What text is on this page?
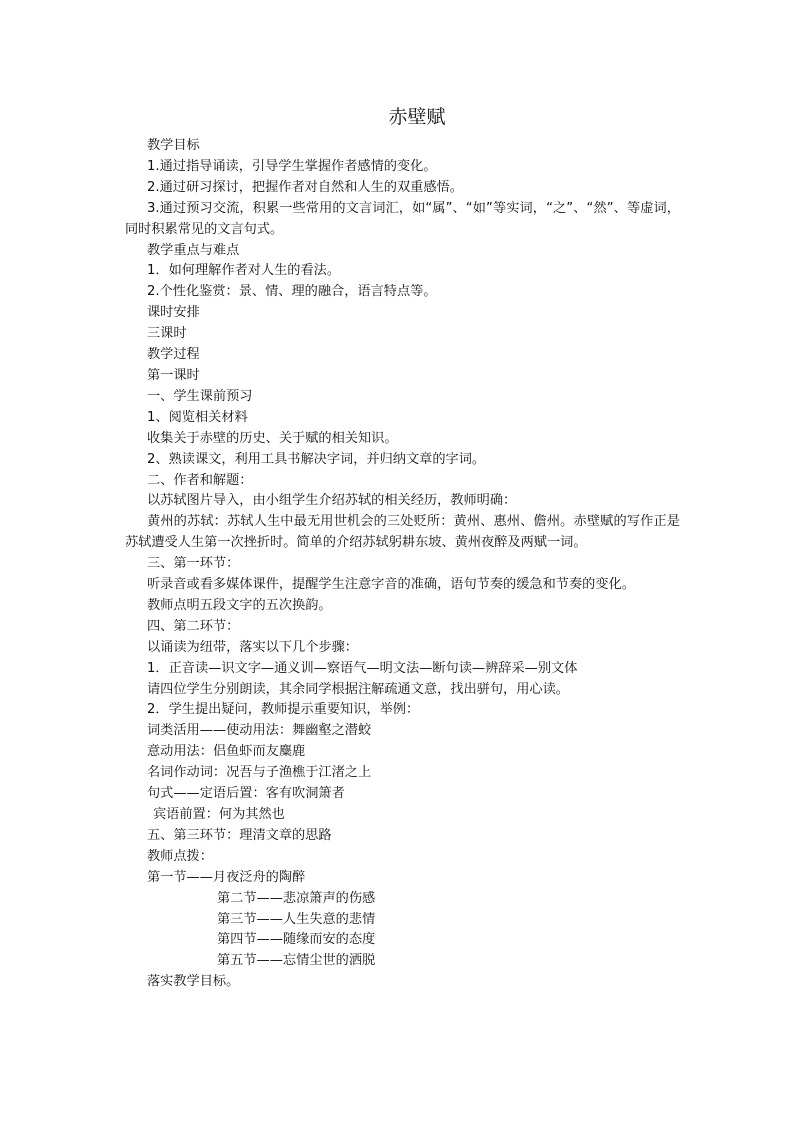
赤壁赋

教学目标

1.通过指导诵读，引导学生掌握作者感情的变化。

2.通过研习探讨，把握作者对自然和人生的双重感悟。

3.通过预习交流，积累一些常用的文言词汇，如“属”、“如”等实词，“之”、“然”、等虚词，同时积累常见的文言句式。

教学重点与难点

1．如何理解作者对人生的看法。

2.个性化鉴赏：景、情、理的融合，语言特点等。

课时安排

三课时

教学过程

第一课时

一、学生课前预习

1、阅览相关材料

收集关于赤壁的历史、关于赋的相关知识。

2、熟读课文，利用工具书解决字词，并归纳文章的字词。

二、作者和解题：

以苏轼图片导入，由小组学生介绍苏轼的相关经历，教师明确：

黄州的苏轼：苏轼人生中最无用世机会的三处贬所：黄州、惠州、儋州。赤壁赋的写作正是苏轼遭受人生第一次挫折时。简单的介绍苏轼躬耕东坡、黄州夜醉及两赋一词。

三、第一环节：

听录音或看多媒体课件，提醒学生注意字音的准确，语句节奏的缓急和节奏的变化。

教师点明五段文字的五次换韵。

四、第二环节：

以诵读为纽带，落实以下几个步骤：

1．正音读—识文字—通义训—察语气—明文法—断句读—辨辞采—别文体

请四位学生分别朗读，其余同学根据注解疏通文意，找出骈句，用心读。

2．学生提出疑问，教师提示重要知识，举例：

词类活用——使动用法：舞幽壑之潜蛟

意动用法：侣鱼虾而友麋鹿

名词作动词：况吾与子渔樵于江渚之上

句式——定语后置：客有吹洞箫者

宾语前置：何为其然也

五、第三环节：理清文章的思路

教师点拨：

第一节——月夜泛舟的陶醉

第二节——悲凉箫声的伤感

第三节——人生失意的悲情

第四节——随缘而安的态度

第五节——忘情尘世的洒脱

落实教学目标。
